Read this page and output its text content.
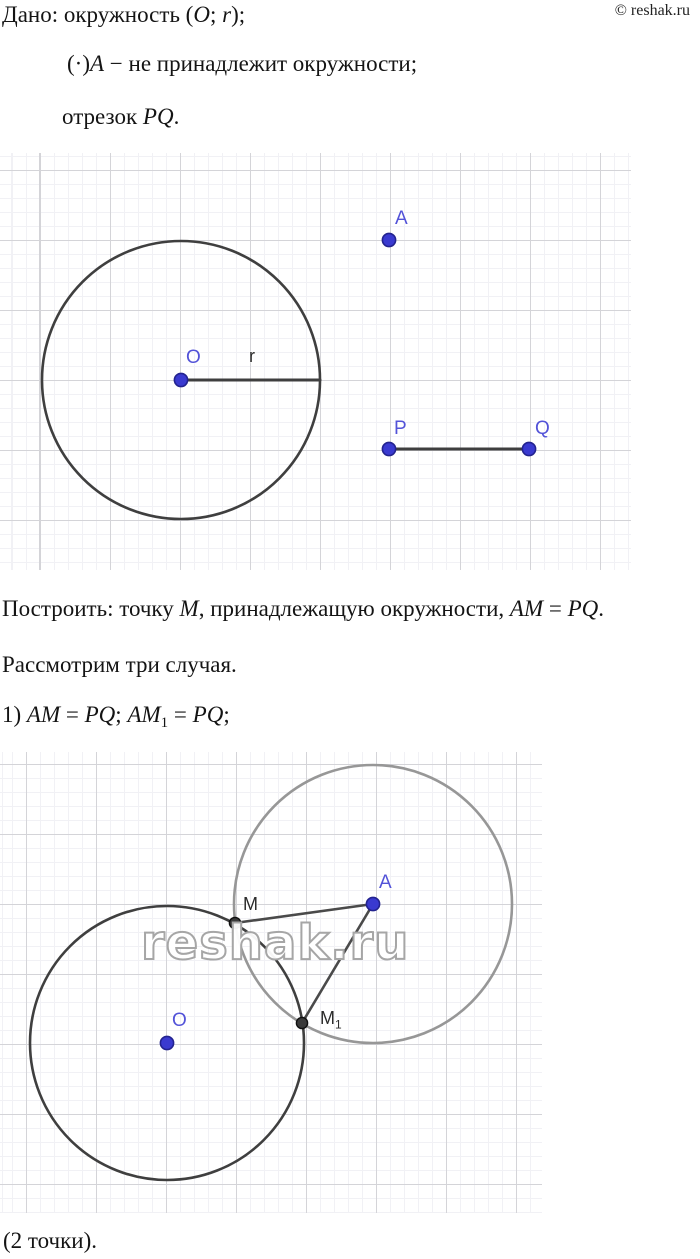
© reshak.ru

Дано: окружность (O; r);

(·)A − не принадлежит окружности;

отрезок PQ.

Построить: точку M, принадлежащую окружности, AM = PQ.

Рассмотрим три случая.

1) AM = PQ; $AM_1$ = PQ;

reshak.ru
O
A
P	Q
r
O
A
M
$M_1$

(2 точки).
